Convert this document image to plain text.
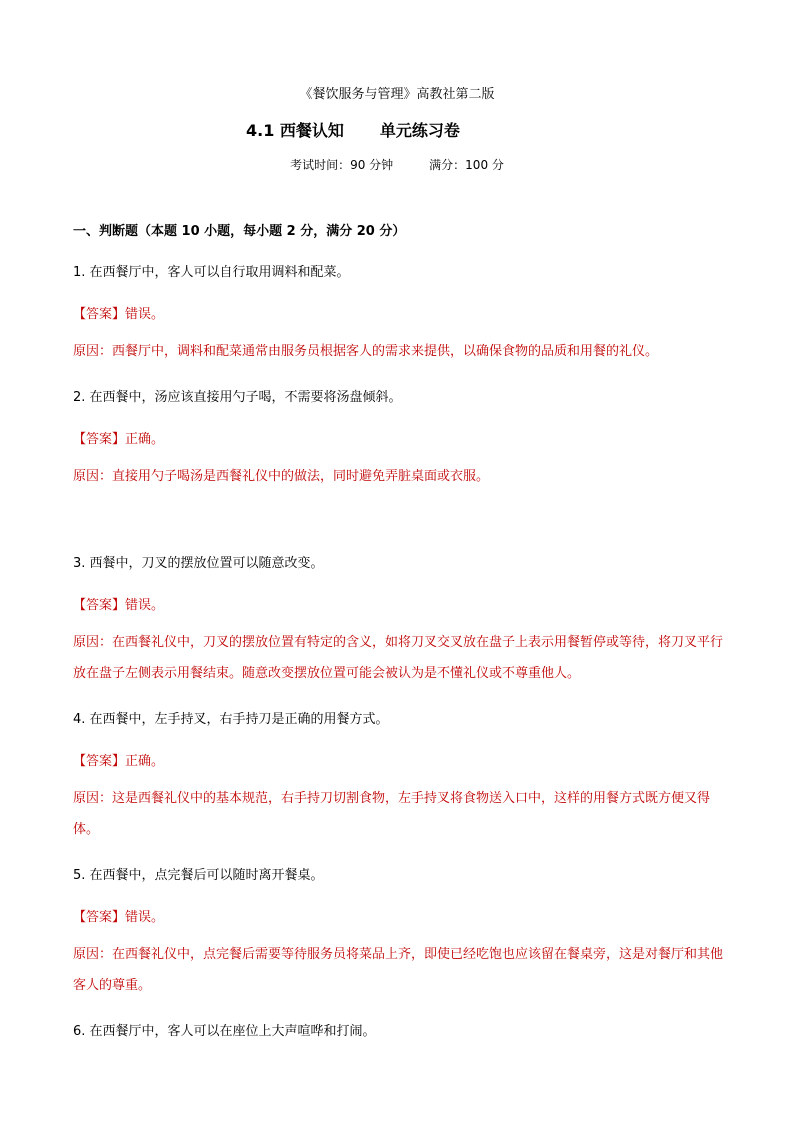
《餐饮服务与管理》高教社第二版
4.1 西餐认知 单元练习卷
考试时间：90 分钟	满分：100 分
一、判断题（本题 10 小题，每小题 2 分，满分 20 分）
1. 在西餐厅中，客人可以自行取用调料和配菜。
【答案】错误。
原因：西餐厅中，调料和配菜通常由服务员根据客人的需求来提供，以确保食物的品质和用餐的礼仪。
2. 在西餐中，汤应该直接用勺子喝，不需要将汤盘倾斜。
【答案】正确。
原因：直接用勺子喝汤是西餐礼仪中的做法，同时避免弄脏桌面或衣服。
3. 西餐中，刀叉的摆放位置可以随意改变。
【答案】错误。
原因：在西餐礼仪中，刀叉的摆放位置有特定的含义，如将刀叉交叉放在盘子上表示用餐暂停或等待，将刀叉平行放在盘子左侧表示用餐结束。随意改变摆放位置可能会被认为是不懂礼仪或不尊重他人。
4. 在西餐中，左手持叉，右手持刀是正确的用餐方式。
【答案】正确。
原因：这是西餐礼仪中的基本规范，右手持刀切割食物，左手持叉将食物送入口中，这样的用餐方式既方便又得体。
5. 在西餐中，点完餐后可以随时离开餐桌。
【答案】错误。
原因：在西餐礼仪中，点完餐后需要等待服务员将菜品上齐，即使已经吃饱也应该留在餐桌旁，这是对餐厅和其他客人的尊重。
6. 在西餐厅中，客人可以在座位上大声喧哗和打闹。
